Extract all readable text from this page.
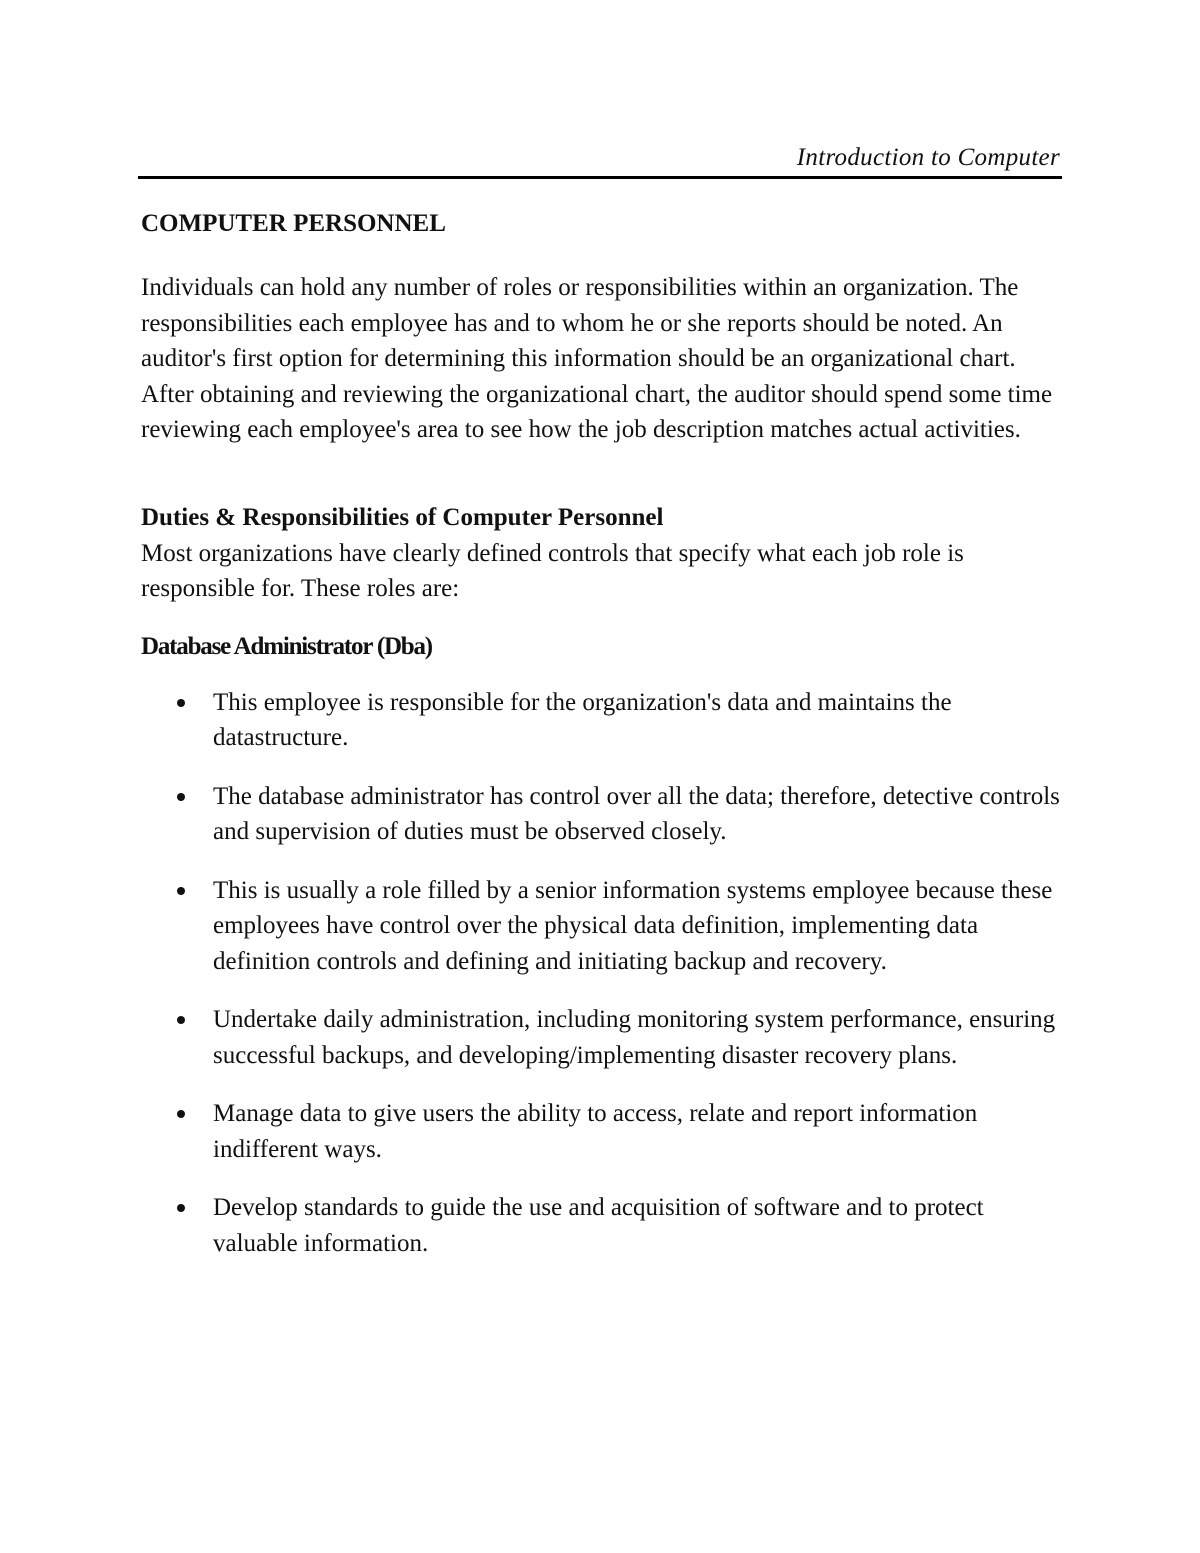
Introduction to Computer
COMPUTER PERSONNEL

Individuals can hold any number of roles or responsibilities within an organization. The responsibilities each employee has and to whom he or she reports should be noted. An auditor's first option for determining this information should be an organizational chart. After obtaining and reviewing the organizational chart, the auditor should spend some time reviewing each employee's area to see how the job description matches actual activities.

Duties & Responsibilities of Computer Personnel

Most organizations have clearly defined controls that specify what each job role is responsible for. These roles are:

Database Administrator (Dba)
This employee is responsible for the organization's data and maintains the datastructure.
The database administrator has control over all the data; therefore, detective controls and supervision of duties must be observed closely.
This is usually a role filled by a senior information systems employee because these employees have control over the physical data definition, implementing data definition controls and defining and initiating backup and recovery.
Undertake daily administration, including monitoring system performance, ensuring successful backups, and developing/implementing disaster recovery plans.
Manage data to give users the ability to access, relate and report information indifferent ways.
Develop standards to guide the use and acquisition of software and to protect valuable information.
